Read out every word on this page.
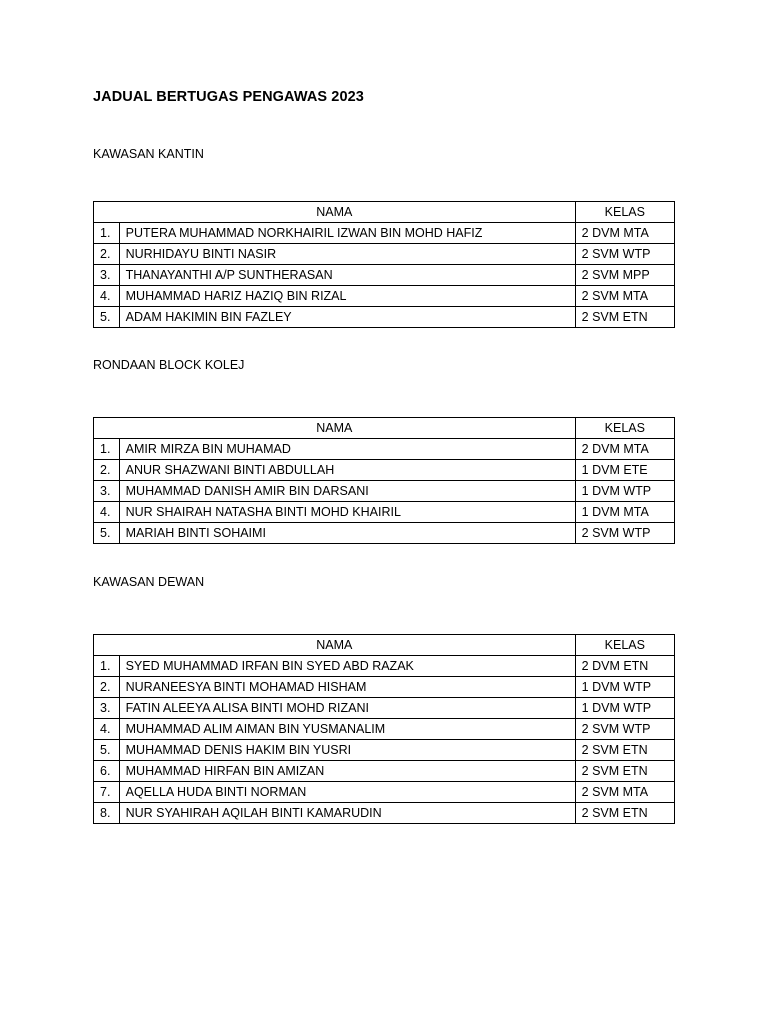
JADUAL BERTUGAS PENGAWAS 2023

KAWASAN KANTIN

NAMA		KELAS
1.	PUTERA MUHAMMAD NORKHAIRIL IZWAN BIN MOHD HAFIZ	2 DVM MTA
2.	NURHIDAYU BINTI NASIR	2 SVM WTP
3.	THANAYANTHI A/P SUNTHERASAN	2 SVM MPP
4.	MUHAMMAD HARIZ HAZIQ BIN RIZAL	2 SVM MTA
5.	ADAM HAKIMIN BIN FAZLEY	2 SVM ETN

RONDAAN BLOCK KOLEJ

NAMA		KELAS
1.	AMIR MIRZA BIN MUHAMAD	2 DVM MTA
2.	ANUR SHAZWANI BINTI ABDULLAH	1 DVM ETE
3.	MUHAMMAD DANISH AMIR BIN DARSANI	1 DVM WTP
4.	NUR SHAIRAH NATASHA BINTI MOHD KHAIRIL	1 DVM MTA
5.	MARIAH BINTI SOHAIMI	2 SVM WTP

KAWASAN DEWAN

NAMA		KELAS
1.	SYED MUHAMMAD IRFAN BIN SYED ABD RAZAK	2 DVM ETN
2.	NURANEESYA BINTI MOHAMAD HISHAM	1 DVM WTP
3.	FATIN ALEEYA ALISA BINTI MOHD RIZANI	1 DVM WTP
4.	MUHAMMAD ALIM AIMAN BIN YUSMANALIM	2 SVM WTP
5.	MUHAMMAD DENIS HAKIM BIN YUSRI	2 SVM ETN
6.	MUHAMMAD HIRFAN BIN AMIZAN	2 SVM ETN
7.	AQELLA HUDA BINTI NORMAN	2 SVM MTA
8.	NUR SYAHIRAH AQILAH BINTI KAMARUDIN	2 SVM ETN
